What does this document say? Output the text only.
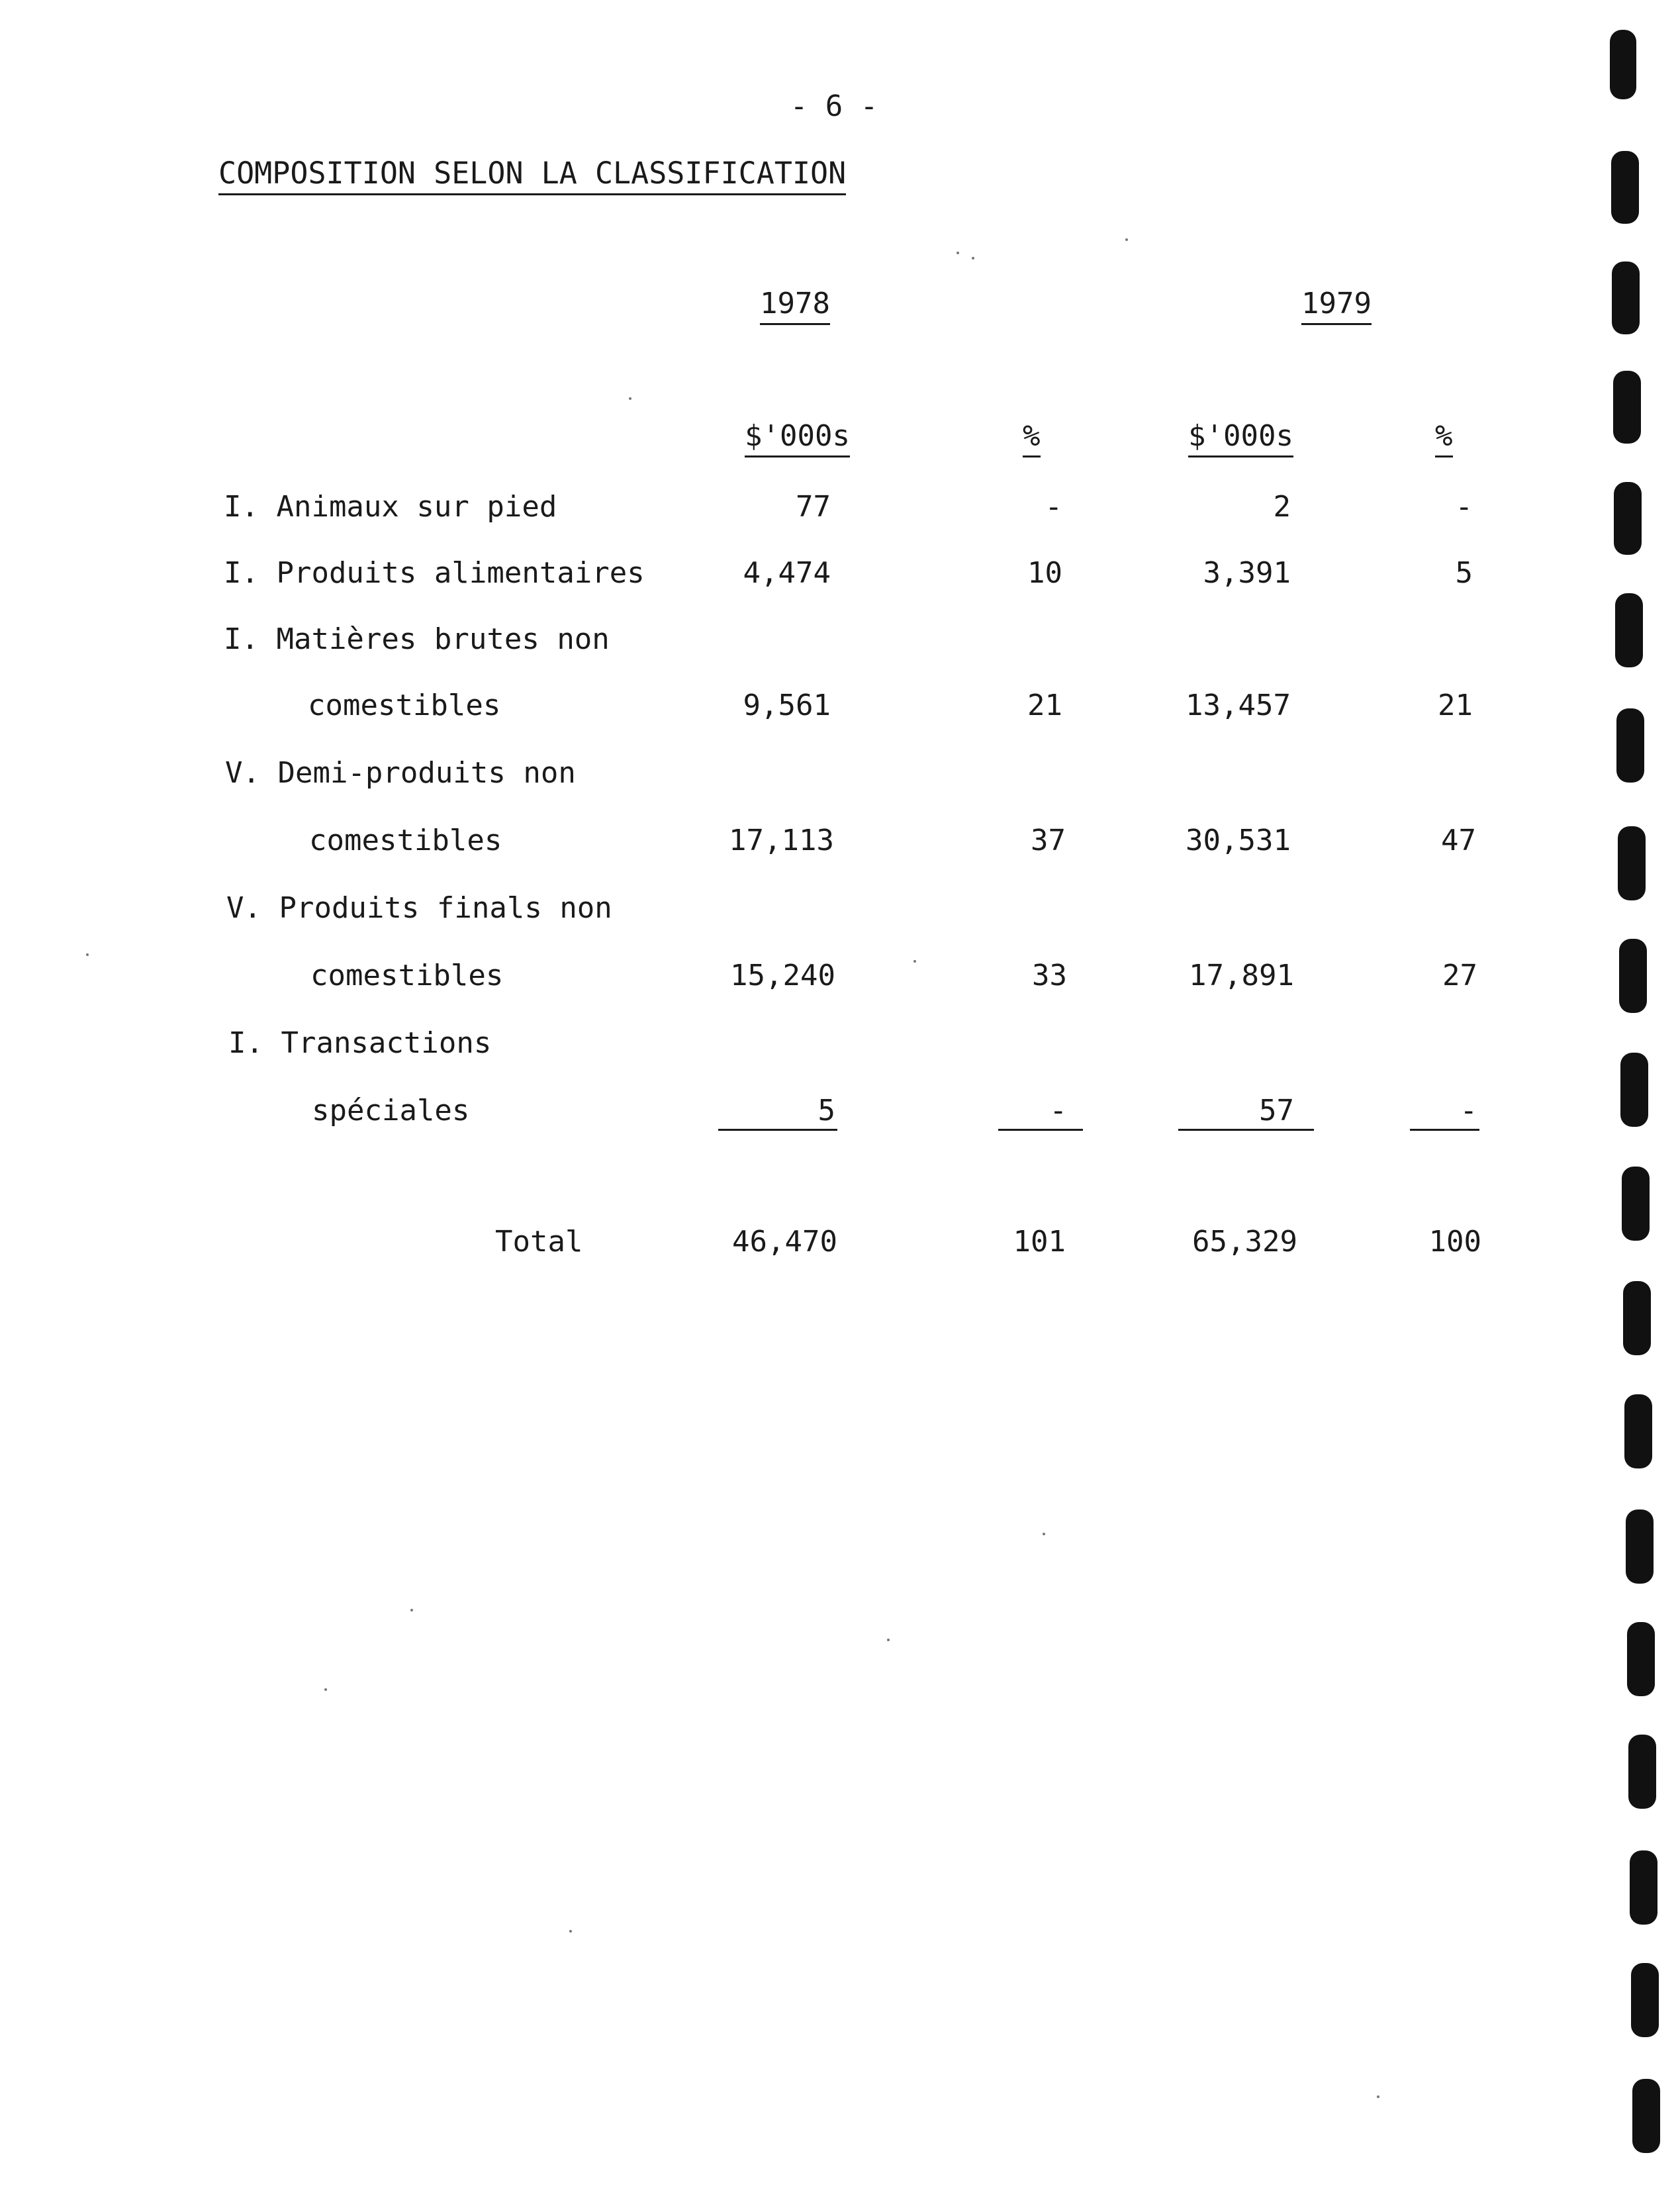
- 6 -
COMPOSITION SELON LA CLASSIFICATION
1978	1979
$'000s	%	$'000s	%
I. Animaux sur pied	77	-	2	-
I. Produits alimentaires	4,474	10	3,391	5
I. Matières brutes non
comestibles	9,561	21	13,457	21
V. Demi-produits non
comestibles	17,113	37	30,531	47
V. Produits finals non
comestibles	15,240	33	17,891	27
I. Transactions
spéciales	5	-	57	-
Total	46,470	101	65,329	100
